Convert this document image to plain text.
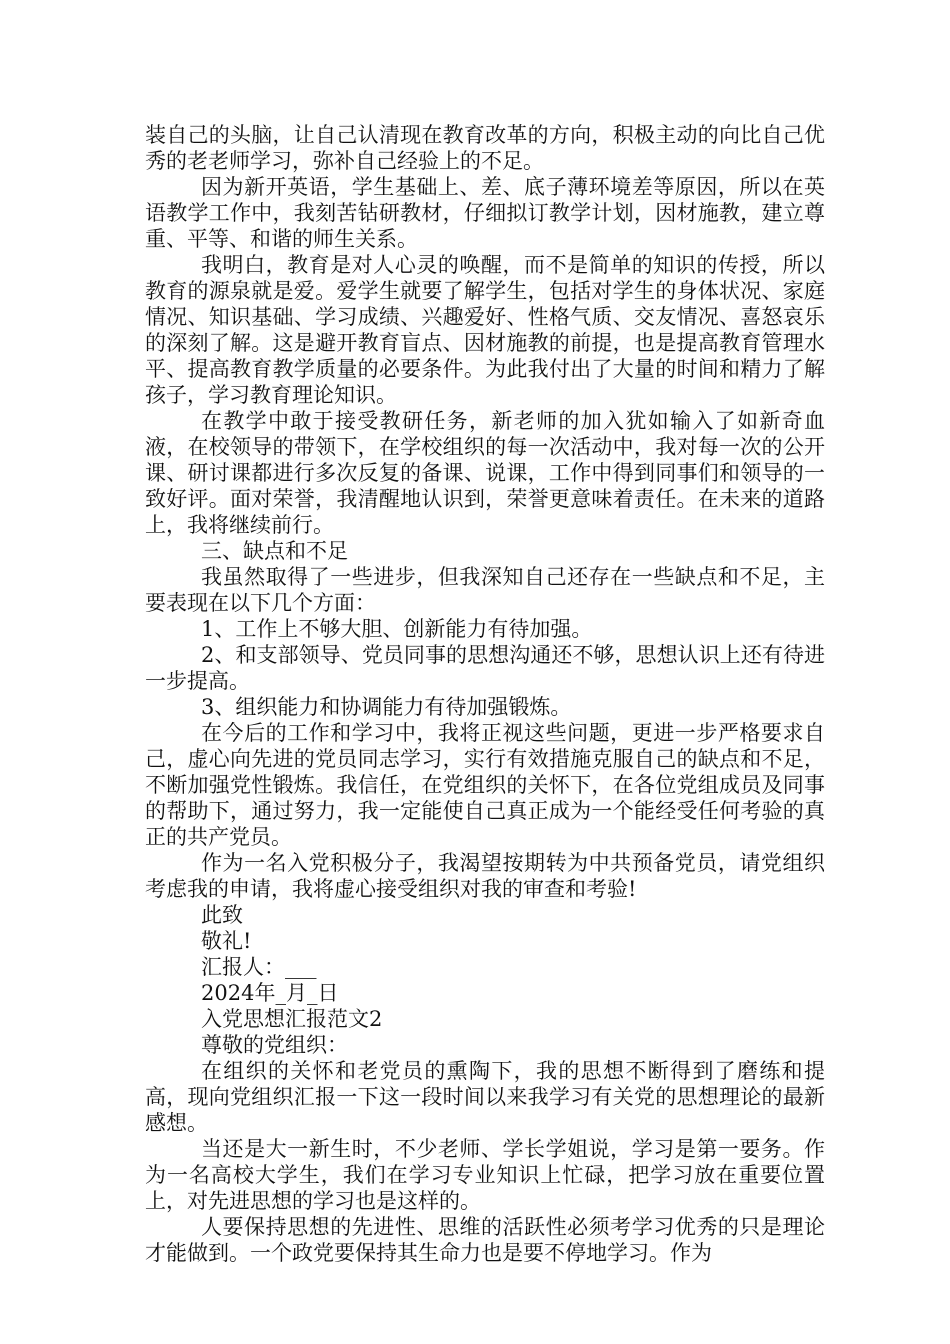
装自己的头脑，让自己认清现在教育改革的方向，积极主动的向比自己优秀的老老师学习，弥补自己经验上的不足。

因为新开英语，学生基础上、差、底子薄环境差等原因，所以在英语教学工作中，我刻苦钻研教材，仔细拟订教学计划，因材施教，建立尊重、平等、和谐的师生关系。

我明白，教育是对人心灵的唤醒，而不是简单的知识的传授，所以教育的源泉就是爱。爱学生就要了解学生，包括对学生的身体状况、家庭情况、知识基础、学习成绩、兴趣爱好、性格气质、交友情况、喜怒哀乐的深刻了解。这是避开教育盲点、因材施教的前提，也是提高教育管理水平、提高教育教学质量的必要条件。为此我付出了大量的时间和精力了解孩子，学习教育理论知识。

在教学中敢于接受教研任务，新老师的加入犹如输入了如新奇血液，在校领导的带领下，在学校组织的每一次活动中，我对每一次的公开课、研讨课都进行多次反复的备课、说课，工作中得到同事们和领导的一致好评。面对荣誉，我清醒地认识到，荣誉更意味着责任。在未来的道路上，我将继续前行。

三、缺点和不足

我虽然取得了一些进步，但我深知自己还存在一些缺点和不足，主要表现在以下几个方面：

1、工作上不够大胆、创新能力有待加强。

2、和支部领导、党员同事的思想沟通还不够，思想认识上还有待进一步提高。

3、组织能力和协调能力有待加强锻炼。

在今后的工作和学习中，我将正视这些问题，更进一步严格要求自己，虚心向先进的党员同志学习，实行有效措施克服自己的缺点和不足，不断加强党性锻炼。我信任，在党组织的关怀下，在各位党组成员及同事的帮助下，通过努力，我一定能使自己真正成为一个能经受任何考验的真正的共产党员。

作为一名入党积极分子，我渴望按期转为中共预备党员，请党组织考虑我的申请，我将虚心接受组织对我的审查和考验!

此致

敬礼!

汇报人：___

2024年_月_日

入党思想汇报范文2

尊敬的党组织：

在组织的关怀和老党员的熏陶下，我的思想不断得到了磨练和提高，现向党组织汇报一下这一段时间以来我学习有关党的思想理论的最新感想。

当还是大一新生时，不少老师、学长学姐说，学习是第一要务。作为一名高校大学生，我们在学习专业知识上忙碌，把学习放在重要位置上，对先进思想的学习也是这样的。

人要保持思想的先进性、思维的活跃性必须考学习优秀的只是理论才能做到。一个政党要保持其生命力也是要不停地学习。作为
